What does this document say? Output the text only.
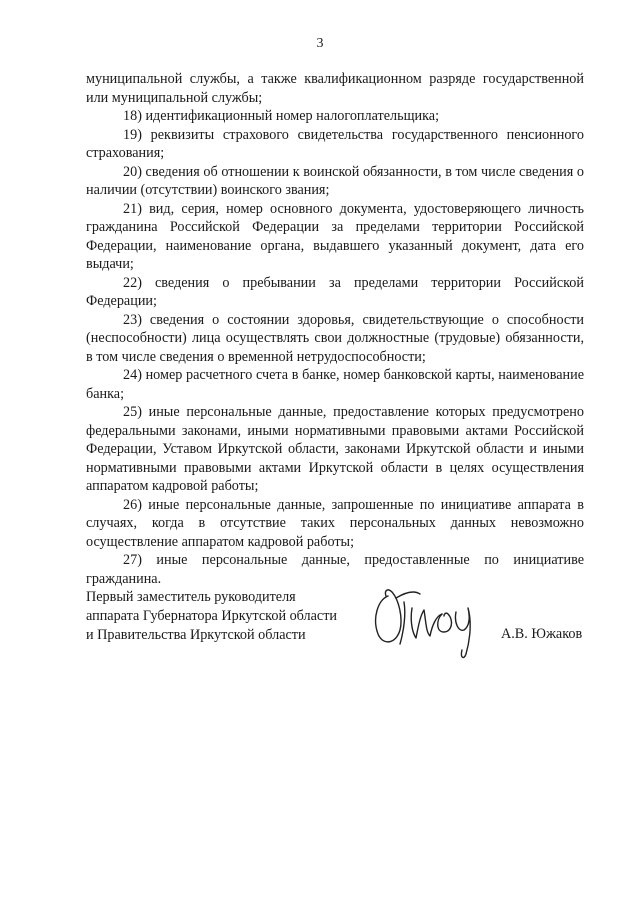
3

муниципальной службы, а также квалификационном разряде государственной или муниципальной службы;

18) идентификационный номер налогоплательщика;

19) реквизиты страхового свидетельства государственного пенсионного страхования;

20) сведения об отношении к воинской обязанности, в том числе сведения о наличии (отсутствии) воинского звания;

21) вид, серия, номер основного документа, удостоверяющего личность гражданина Российской Федерации за пределами территории Российской Федерации, наименование органа, выдавшего указанный документ, дата его выдачи;

22) сведения о пребывании за пределами территории Российской Федерации;

23) сведения о состоянии здоровья, свидетельствующие о способности (неспособности) лица осуществлять свои должностные (трудовые) обязанности, в том числе сведения о временной нетрудоспособности;

24) номер расчетного счета в банке, номер банковской карты, наименование банка;

25) иные персональные данные, предоставление которых предусмотрено федеральными законами, иными нормативными правовыми актами Российской Федерации, Уставом Иркутской области, законами Иркутской области и иными нормативными правовыми актами Иркутской области в целях осуществления аппаратом кадровой работы;

26) иные персональные данные, запрошенные по инициативе аппарата в случаях, когда в отсутствие таких персональных данных невозможно осуществление аппаратом кадровой работы;

27) иные персональные данные, предоставленные по инициативе гражданина.

Первый заместитель руководителя
аппарата Губернатора Иркутской области
и Правительства Иркутской области	А.В. Южаков
